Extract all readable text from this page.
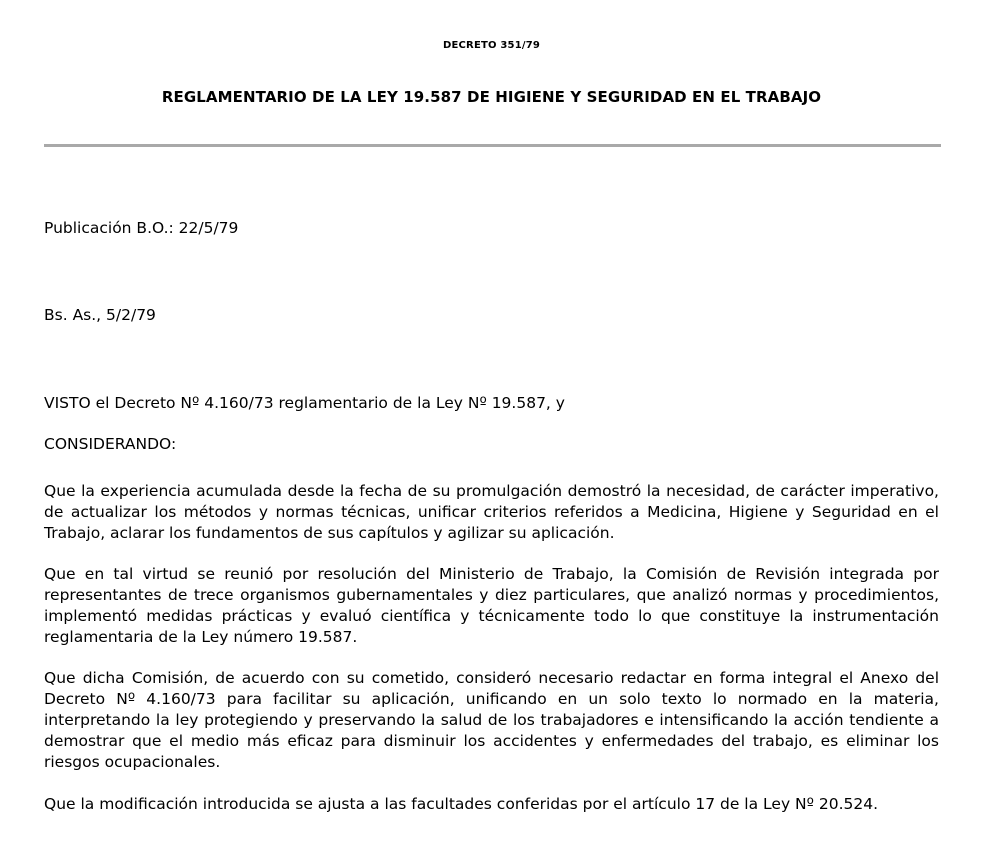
DECRETO 351/79
REGLAMENTARIO DE LA LEY 19.587 DE HIGIENE Y SEGURIDAD EN EL TRABAJO
Publicación B.O.: 22/5/79
Bs. As., 5/2/79
VISTO el Decreto Nº 4.160/73 reglamentario de la Ley Nº 19.587, y
CONSIDERANDO:
Que la experiencia acumulada desde la fecha de su promulgación demostró la necesidad, de carácter imperativo, de actualizar los métodos y normas técnicas, unificar criterios referidos a Medicina, Higiene y Seguridad en el Trabajo, aclarar los fundamentos de sus capítulos y agilizar su aplicación.
Que en tal virtud se reunió por resolución del Ministerio de Trabajo, la Comisión de Revisión integrada por representantes de trece organismos gubernamentales y diez particulares, que analizó normas y procedimientos, implementó medidas prácticas y evaluó científica y técnicamente todo lo que constituye la instrumentación reglamentaria de la Ley número 19.587.
Que dicha Comisión, de acuerdo con su cometido, consideró necesario redactar en forma integral el Anexo del Decreto Nº 4.160/73 para facilitar su aplicación, unificando en un solo texto lo normado en la materia, interpretando la ley protegiendo y preservando la salud de los trabajadores e intensificando la acción tendiente a demostrar que el medio más eficaz para disminuir los accidentes y enfermedades del trabajo, es eliminar los riesgos ocupacionales.
Que la modificación introducida se ajusta a las facultades conferidas por el artículo 17 de la Ley Nº 20.524.
